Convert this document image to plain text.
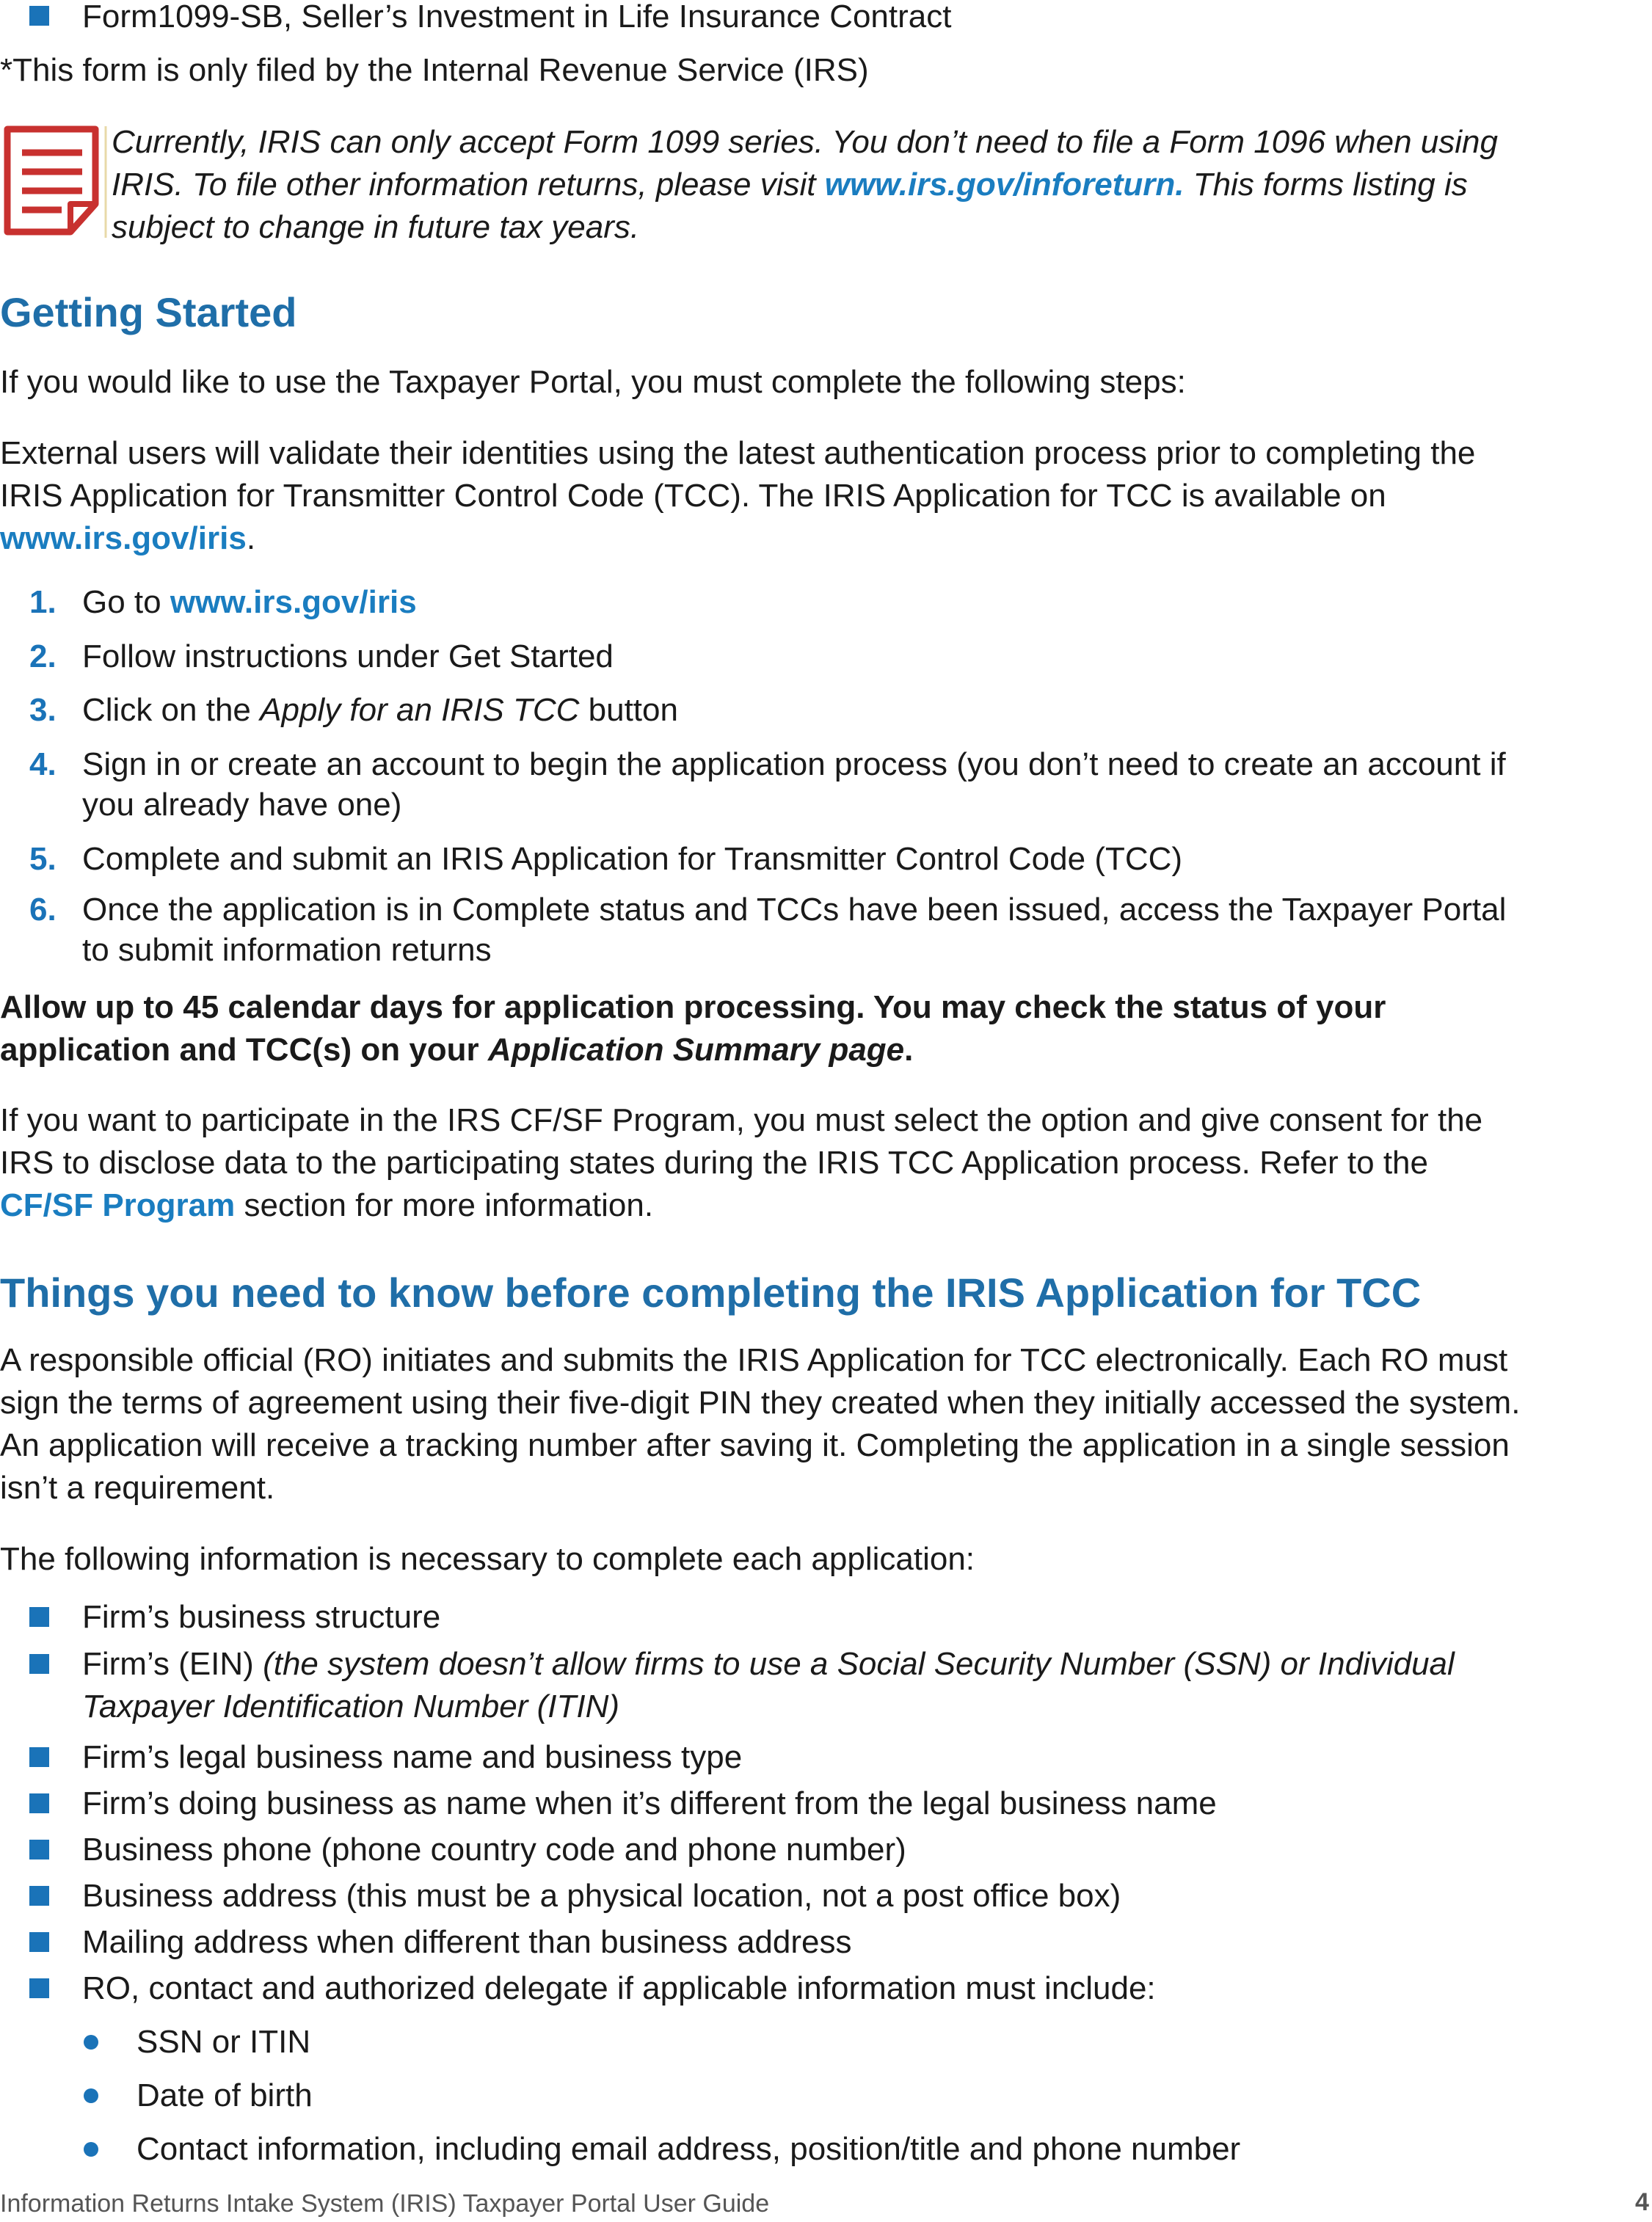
Form1099-SB, Seller’s Investment in Life Insurance Contract
*This form is only filed by the Internal Revenue Service (IRS)
Currently, IRIS can only accept Form 1099 series. You don’t need to file a Form 1096 when using
IRIS. To file other information returns, please visit www.irs.gov/inforeturn. This forms listing is
subject to change in future tax years.
Getting Started
If you would like to use the Taxpayer Portal, you must complete the following steps:
External users will validate their identities using the latest authentication process prior to completing the
IRIS Application for Transmitter Control Code (TCC). The IRIS Application for TCC is available on
www.irs.gov/iris.
1. Go to www.irs.gov/iris
2. Follow instructions under Get Started
3. Click on the Apply for an IRIS TCC button
4. Sign in or create an account to begin the application process (you don’t need to create an account if
you already have one)
5. Complete and submit an IRIS Application for Transmitter Control Code (TCC)
6. Once the application is in Complete status and TCCs have been issued, access the Taxpayer Portal
to submit information returns
Allow up to 45 calendar days for application processing. You may check the status of your
application and TCC(s) on your Application Summary page.
If you want to participate in the IRS CF/SF Program, you must select the option and give consent for the
IRS to disclose data to the participating states during the IRIS TCC Application process. Refer to the
CF/SF Program section for more information.
Things you need to know before completing the IRIS Application for TCC
A responsible official (RO) initiates and submits the IRIS Application for TCC electronically. Each RO must
sign the terms of agreement using their five-digit PIN they created when they initially accessed the system.
An application will receive a tracking number after saving it. Completing the application in a single session
isn’t a requirement.
The following information is necessary to complete each application:
Firm’s business structure
Firm’s (EIN) (the system doesn’t allow firms to use a Social Security Number (SSN) or Individual
Taxpayer Identification Number (ITIN)
Firm’s legal business name and business type
Firm’s doing business as name when it’s different from the legal business name
Business phone (phone country code and phone number)
Business address (this must be a physical location, not a post office box)
Mailing address when different than business address
RO, contact and authorized delegate if applicable information must include:
SSN or ITIN
Date of birth
Contact information, including email address, position/title and phone number
Information Returns Intake System (IRIS) Taxpayer Portal User Guide	4
